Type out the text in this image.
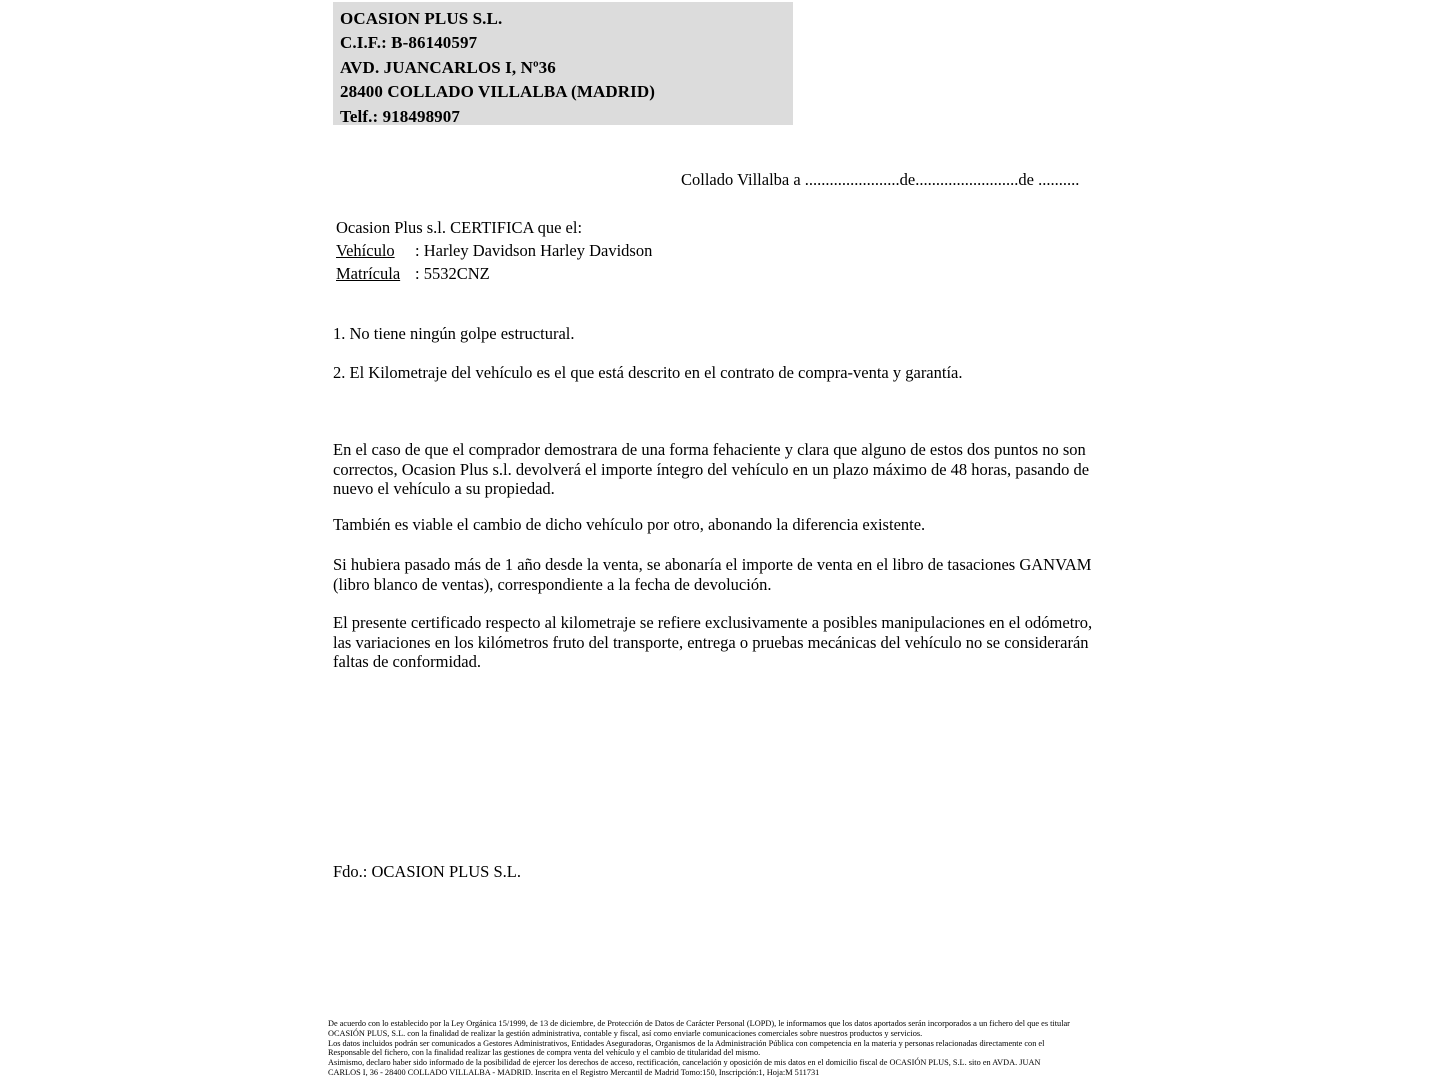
OCASION PLUS S.L.
C.I.F.: B-86140597
AVD. JUANCARLOS I, Nº36
28400 COLLADO VILLALBA (MADRID)
Telf.: 918498907
Collado Villalba a .......................de.........................de ..........
Ocasion Plus s.l. CERTIFICA que el:
Vehículo : Harley Davidson Harley Davidson
Matrícula : 5532CNZ
1. No tiene ningún golpe estructural.
2. El Kilometraje del vehículo es el que está descrito en el contrato de compra-venta y garantía.
En el caso de que el comprador demostrara de una forma fehaciente y clara que alguno de estos dos puntos no son correctos, Ocasion Plus s.l. devolverá el importe íntegro del vehículo en un plazo máximo de 48 horas, pasando de nuevo el vehículo a su propiedad.
También es viable el cambio de dicho vehículo por otro, abonando la diferencia existente.
Si hubiera pasado más de 1 año desde la venta, se abonaría el importe de venta en el libro de tasaciones GANVAM (libro blanco de ventas), correspondiente a la fecha de devolución.
El presente certificado respecto al kilometraje se refiere exclusivamente a posibles manipulaciones en el odómetro, las variaciones en los kilómetros fruto del transporte, entrega o pruebas mecánicas del vehículo no se considerarán faltas de conformidad.
Fdo.: OCASION PLUS S.L.
De acuerdo con lo establecido por la Ley Orgánica 15/1999, de 13 de diciembre, de Protección de Datos de Carácter Personal (LOPD), le informamos que los datos aportados serán incorporados a un fichero del que es titular
OCASIÓN PLUS, S.L. con la finalidad de realizar la gestión administrativa, contable y fiscal, así como enviarle comunicaciones comerciales sobre nuestros productos y servicios.
Los datos incluidos podrán ser comunicados a Gestores Administrativos, Entidades Aseguradoras, Organismos de la Administración Pública con competencia en la materia y personas relacionadas directamente con el
Responsable del fichero, con la finalidad realizar las gestiones de compra venta del vehículo y el cambio de titularidad del mismo.
Asimismo, declaro haber sido informado de la posibilidad de ejercer los derechos de acceso, rectificación, cancelación y oposición de mis datos en el domicilio fiscal de OCASIÓN PLUS, S.L. sito en AVDA. JUAN
CARLOS I, 36 - 28400 COLLADO VILLALBA - MADRID. Inscrita en el Registro Mercantil de Madrid Tomo:150, Inscripción:1, Hoja:M 511731
